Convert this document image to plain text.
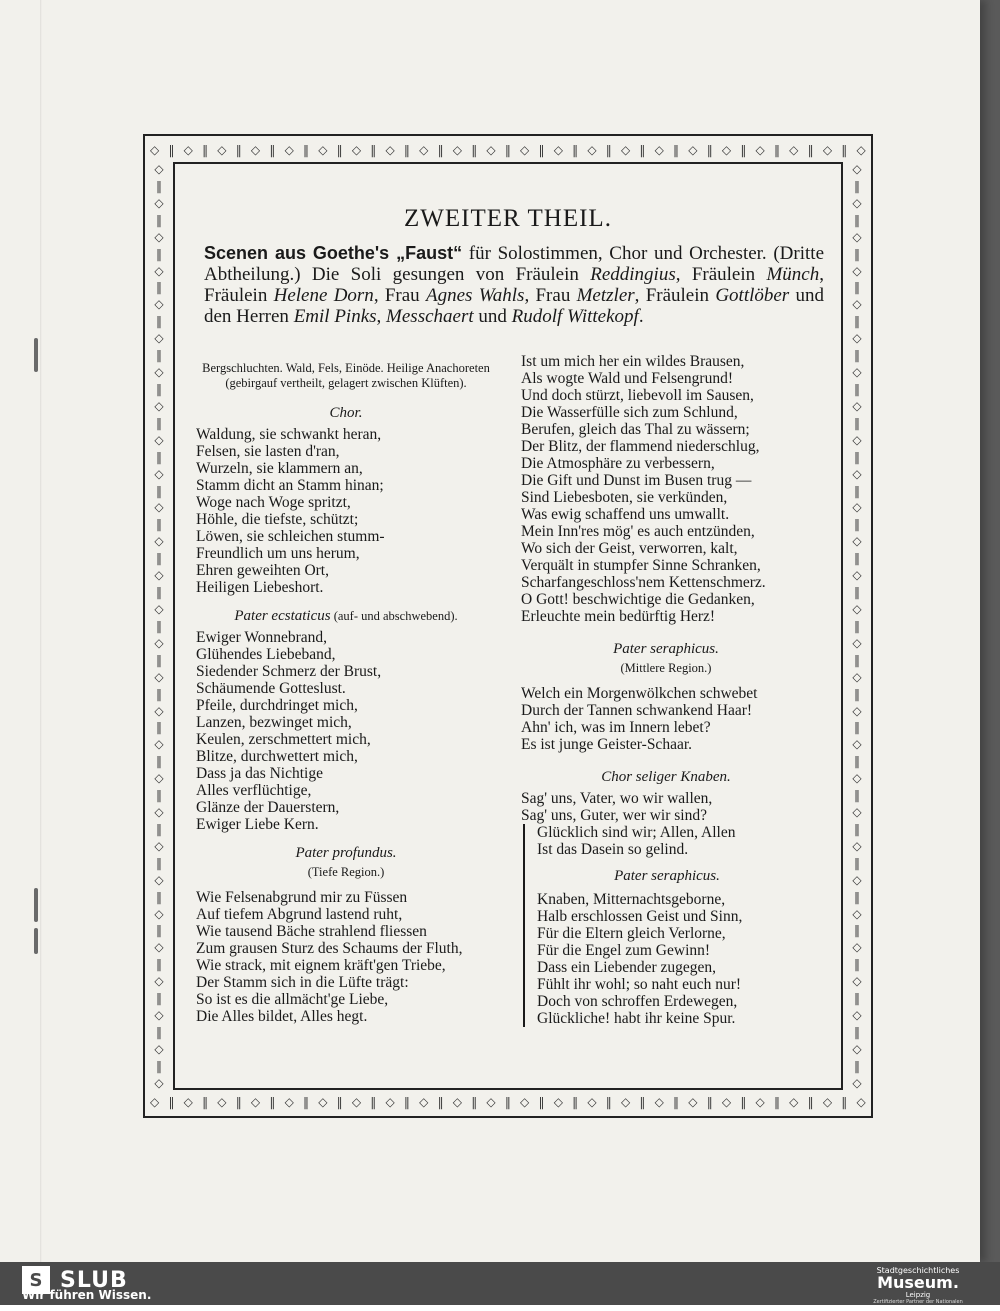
◇ ‖ ◇ ‖ ◇ ‖ ◇ ‖ ◇ ‖ ◇ ‖ ◇ ‖ ◇ ‖ ◇ ‖ ◇ ‖ ◇ ‖ ◇ ‖ ◇ ‖ ◇ ‖ ◇ ‖ ◇ ‖ ◇ ‖ ◇ ‖ ◇ ‖ ◇ ‖ ◇ ‖ ◇
◇ ‖ ◇ ‖ ◇ ‖ ◇ ‖ ◇ ‖ ◇ ‖ ◇ ‖ ◇ ‖ ◇ ‖ ◇ ‖ ◇ ‖ ◇ ‖ ◇ ‖ ◇ ‖ ◇ ‖ ◇ ‖ ◇ ‖ ◇ ‖ ◇ ‖ ◇ ‖ ◇ ‖ ◇
◇
‖
◇
‖
◇
‖
◇
‖
◇
‖
◇
‖
◇
‖
◇
‖
◇
‖
◇
‖
◇
‖
◇
‖
◇
‖
◇
‖
◇
‖
◇
‖
◇
‖
◇
‖
◇
‖
◇
‖
◇
‖
◇
‖
◇
‖
◇
‖
◇
‖
◇
‖
◇
‖
◇
◇
‖
◇
‖
◇
‖
◇
‖
◇
‖
◇
‖
◇
‖
◇
‖
◇
‖
◇
‖
◇
‖
◇
‖
◇
‖
◇
‖
◇
‖
◇
‖
◇
‖
◇
‖
◇
‖
◇
‖
◇
‖
◇
‖
◇
‖
◇
‖
◇
‖
◇
‖
◇
‖
◇
ZWEITER THEIL.
Scenen aus Goethe's „Faust“ für Solostimmen, Chor und Orchester. (Dritte Abtheilung.) Die Soli gesungen von Fräulein Reddingius, Fräulein Münch, Fräulein Helene Dorn, Frau Agnes Wahls, Frau Metzler, Fräulein Gottlöber und den Herren Emil Pinks, Messchaert und Rudolf Wittekopf.
Bergschluchten. Wald, Fels, Einöde. Heilige Anachoreten (gebirgauf vertheilt, gelagert zwischen Klüften).
Chor.
Waldung, sie schwankt heran,
Felsen, sie lasten d'ran,
Wurzeln, sie klammern an,
Stamm dicht an Stamm hinan;
Woge nach Woge spritzt,
Höhle, die tiefste, schützt;
Löwen, sie schleichen stumm-
Freundlich um uns herum,
Ehren geweihten Ort,
Heiligen Liebeshort.
Pater ecstaticus (auf- und abschwebend).
Ewiger Wonnebrand,
Glühendes Liebeband,
Siedender Schmerz der Brust,
Schäumende Gotteslust.
Pfeile, durchdringet mich,
Lanzen, bezwinget mich,
Keulen, zerschmettert mich,
Blitze, durchwettert mich,
Dass ja das Nichtige
Alles verflüchtige,
Glänze der Dauerstern,
Ewiger Liebe Kern.
Pater profundus.
(Tiefe Region.)
Wie Felsenabgrund mir zu Füssen
Auf tiefem Abgrund lastend ruht,
Wie tausend Bäche strahlend fliessen
Zum grausen Sturz des Schaums der Fluth,
Wie strack, mit eignem kräft'gen Triebe,
Der Stamm sich in die Lüfte trägt:
So ist es die allmächt'ge Liebe,
Die Alles bildet, Alles hegt.
Ist um mich her ein wildes Brausen,
Als wogte Wald und Felsengrund!
Und doch stürzt, liebevoll im Sausen,
Die Wasserfülle sich zum Schlund,
Berufen, gleich das Thal zu wässern;
Der Blitz, der flammend niederschlug,
Die Atmosphäre zu verbessern,
Die Gift und Dunst im Busen trug —
Sind Liebesboten, sie verkünden,
Was ewig schaffend uns umwallt.
Mein Inn'res mög' es auch entzünden,
Wo sich der Geist, verworren, kalt,
Verquält in stumpfer Sinne Schranken,
Scharfangeschloss'nem Kettenschmerz.
O Gott! beschwichtige die Gedanken,
Erleuchte mein bedürftig Herz!
Pater seraphicus.
(Mittlere Region.)
Welch ein Morgenwölkchen schwebet
Durch der Tannen schwankend Haar!
Ahn' ich, was im Innern lebet?
Es ist junge Geister-Schaar.
Chor seliger Knaben.
Sag' uns, Vater, wo wir wallen,
Sag' uns, Guter, wer wir sind?
Glücklich sind wir; Allen, Allen
Ist das Dasein so gelind.
Pater seraphicus.
Knaben, Mitternachtsgeborne,
Halb erschlossen Geist und Sinn,
Für die Eltern gleich Verlorne,
Für die Engel zum Gewinn!
Dass ein Liebender zugegen,
Fühlt ihr wohl; so naht euch nur!
Doch von schroffen Erdewegen,
Glückliche! habt ihr keine Spur.
S SLUB
Wir führen Wissen.
Stadtgeschichtliches
Museum.
Leipzig
Zertifizierter Partner der Nationalen Klimaschutzinitiative
